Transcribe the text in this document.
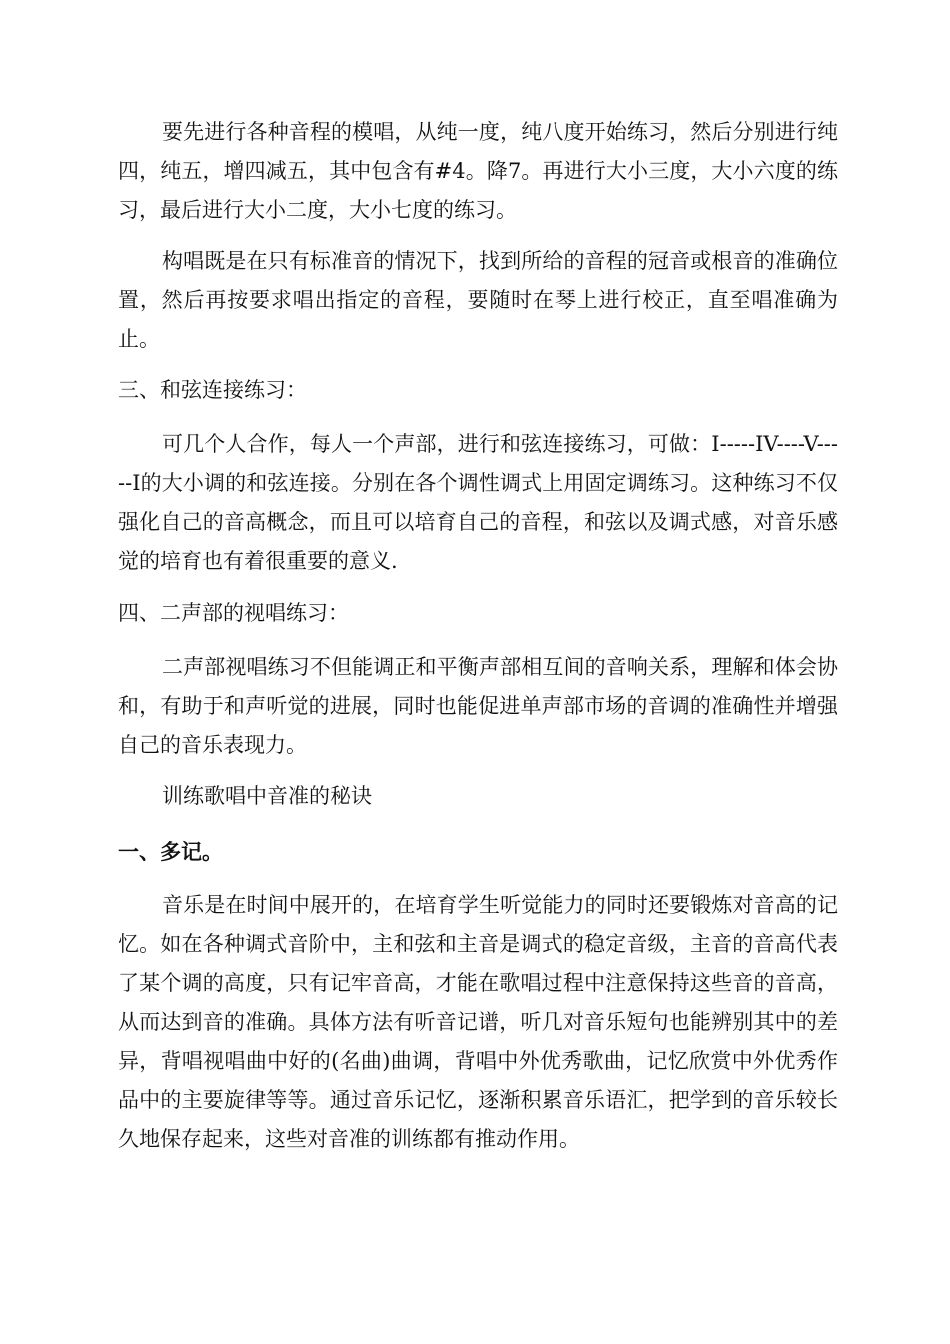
要先进行各种音程的模唱，从纯一度，纯八度开始练习，然后分别进行纯四，纯五，增四减五，其中包含有#4。降7。再进行大小三度，大小六度的练习，最后进行大小二度，大小七度的练习。

构唱既是在只有标准音的情况下，找到所给的音程的冠音或根音的准确位置，然后再按要求唱出指定的音程，要随时在琴上进行校正，直至唱准确为止。

三、和弦连接练习：

可几个人合作，每人一个声部，进行和弦连接练习，可做：I-----IV----V-----I的大小调的和弦连接。分别在各个调性调式上用固定调练习。这种练习不仅强化自己的音高概念，而且可以培育自己的音程，和弦以及调式感，对音乐感觉的培育也有着很重要的意义.

四、二声部的视唱练习：

二声部视唱练习不但能调正和平衡声部相互间的音响关系，理解和体会协和，有助于和声听觉的进展，同时也能促进单声部市场的音调的准确性并增强自己的音乐表现力。

训练歌唱中音准的秘诀

一、多记。

音乐是在时间中展开的，在培育学生听觉能力的同时还要锻炼对音高的记忆。如在各种调式音阶中，主和弦和主音是调式的稳定音级，主音的音高代表了某个调的高度，只有记牢音高，才能在歌唱过程中注意保持这些音的音高，从而达到音的准确。具体方法有听音记谱，听几对音乐短句也能辨别其中的差异，背唱视唱曲中好的(名曲)曲调，背唱中外优秀歌曲，记忆欣赏中外优秀作品中的主要旋律等等。通过音乐记忆，逐渐积累音乐语汇，把学到的音乐较长久地保存起来，这些对音准的训练都有推动作用。
